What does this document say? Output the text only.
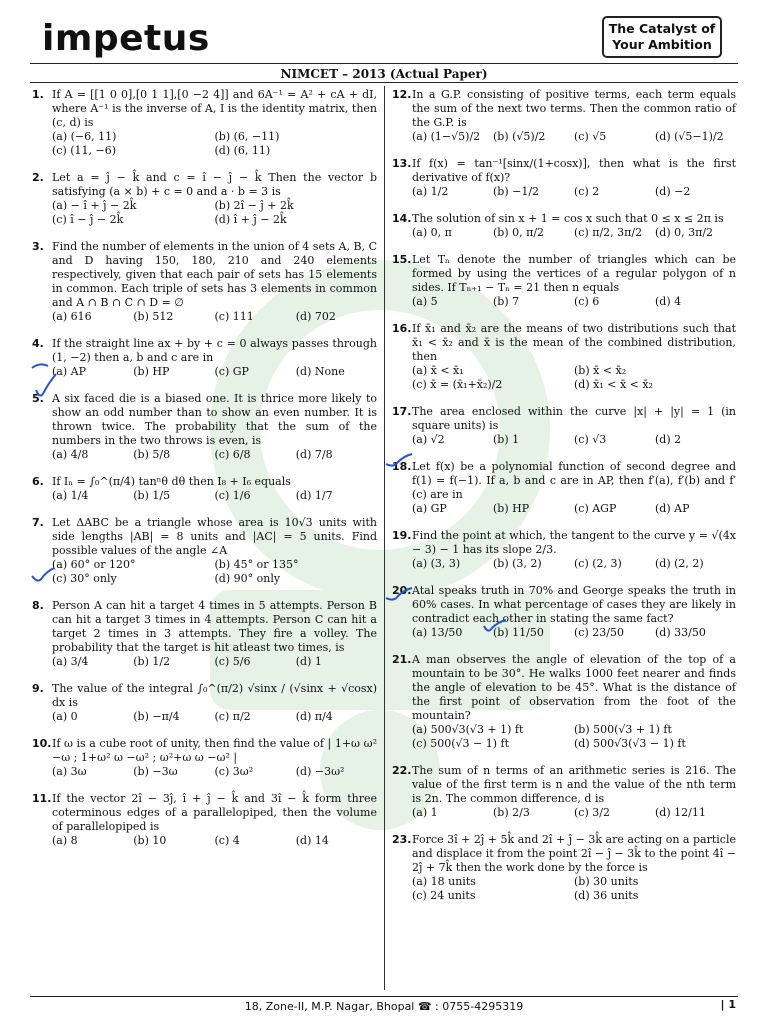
impetus	The Catalyst of
Your Ambition
NIMCET – 2013 (Actual Paper)
1. If A = [[1 0 0],[0 1 1],[0 −2 4]] and 6A⁻¹ = A² + cA + dI, where A⁻¹ is the inverse of A, I is the identity matrix, then (c, d) is
(a) (−6, 11)	(b) (6, −11)
(c) (11, −6)	(d) (6, 11)
2. Let a = ĵ − k̂ and c = î − ĵ − k̂ Then the vector b satisfying (a × b) + c = 0 and a · b = 3 is
(a) − î + ĵ − 2k̂	(b) 2î − ĵ + 2k̂
(c) î − ĵ − 2k̂	(d) î + ĵ − 2k̂
3. Find the number of elements in the union of 4 sets A, B, C and D having 150, 180, 210 and 240 elements respectively, given that each pair of sets has 15 elements in common. Each triple of sets has 3 elements in common and A ∩ B ∩ C ∩ D = ∅
(a) 616	(b) 512	(c) 111	(d) 702
4. If the straight line ax + by + c = 0 always passes through (1, −2) then a, b and c are in
(a) AP	(b) HP	(c) GP	(d) None
5. A six faced die is a biased one. It is thrice more likely to show an odd number than to show an even number. It is thrown twice. The probability that the sum of the numbers in the two throws is even, is
(a) 4/8	(b) 5/8	(c) 6/8	(d) 7/8
6. If Iₙ = ∫₀^(π/4) tanⁿθ dθ then I₈ + I₆ equals
(a) 1/4	(b) 1/5	(c) 1/6	(d) 1/7
7. Let ΔABC be a triangle whose area is 10√3 units with side lengths |AB| = 8 units and |AC| = 5 units. Find possible values of the angle ∠A
(a) 60° or 120°	(b) 45° or 135°
(c) 30° only	(d) 90° only
8. Person A can hit a target 4 times in 5 attempts. Person B can hit a target 3 times in 4 attempts. Person C can hit a target 2 times in 3 attempts. They fire a volley. The probability that the target is hit atleast two times, is
(a) 3/4	(b) 1/2	(c) 5/6	(d) 1
9. The value of the integral ∫₀^(π/2) √sinx / (√sinx + √cosx) dx is
(a) 0	(b) −π/4	(c) π/2	(d) π/4
10. If ω is a cube root of unity, then find the value of | 1+ω ω² −ω ; 1+ω² ω −ω² ; ω²+ω ω −ω² |
(a) 3ω	(b) −3ω	(c) 3ω²	(d) −3ω²
11. If the vector 2î − 3ĵ, î + ĵ − k̂ and 3î − k̂ form three coterminous edges of a parallelopiped, then the volume of parallelopiped is
(a) 8	(b) 10	(c) 4	(d) 14
12. In a G.P. consisting of positive terms, each term equals the sum of the next two terms. Then the common ratio of the G.P. is
(a) (1−√5)/2	(b) (√5)/2	(c) √5	(d) (√5−1)/2
13. If f(x) = tan⁻¹[sinx/(1+cosx)], then what is the first derivative of f(x)?
(a) 1/2	(b) −1/2	(c) 2	(d) −2
14. The solution of sin x + 1 = cos x such that 0 ≤ x ≤ 2π is
(a) 0, π	(b) 0, π/2	(c) π/2, 3π/2	(d) 0, 3π/2
15. Let Tₙ denote the number of triangles which can be formed by using the vertices of a regular polygon of n sides. If Tₙ₊₁ − Tₙ = 21 then n equals
(a) 5	(b) 7	(c) 6	(d) 4
16. If x̄₁ and x̄₂ are the means of two distributions such that x̄₁ < x̄₂ and x̄ is the mean of the combined distribution, then
(a) x̄ < x̄₁	(b) x̄ < x̄₂
(c) x̄ = (x̄₁+x̄₂)/2	(d) x̄₁ < x̄ < x̄₂
17. The area enclosed within the curve |x| + |y| = 1 (in square units) is
(a) √2	(b) 1	(c) √3	(d) 2
18. Let f(x) be a polynomial function of second degree and f(1) = f(−1). If a, b and c are in AP, then f′(a), f′(b) and f′(c) are in
(a) GP	(b) HP	(c) AGP	(d) AP
19. Find the point at which, the tangent to the curve y = √(4x − 3) − 1 has its slope 2/3.
(a) (3, 3)	(b) (3, 2)	(c) (2, 3)	(d) (2, 2)
20. Atal speaks truth in 70% and George speaks the truth in 60% cases. In what percentage of cases they are likely in contradict each other in stating the same fact?
(a) 13/50	(b) 11/50	(c) 23/50	(d) 33/50
21. A man observes the angle of elevation of the top of a mountain to be 30°. He walks 1000 feet nearer and finds the angle of elevation to be 45°. What is the distance of the first point of observation from the foot of the mountain?
(a) 500√3(√3 + 1) ft	(b) 500(√3 + 1) ft
(c) 500(√3 − 1) ft	(d) 500√3(√3 − 1) ft
22. The sum of n terms of an arithmetic series is 216. The value of the first term is n and the value of the nth term is 2n. The common difference, d is
(a) 1	(b) 2/3	(c) 3/2	(d) 12/11
23. Force 3î + 2ĵ + 5k̂ and 2î + ĵ − 3k̂ are acting on a particle and displace it from the point 2î − ĵ − 3k̂ to the point 4î − 2ĵ + 7k̂ then the work done by the force is
(a) 18 units	(b) 30 units
(c) 24 units	(d) 36 units
18, Zone-II, M.P. Nagar, Bhopal ☎ : 0755-4295319	| 1
